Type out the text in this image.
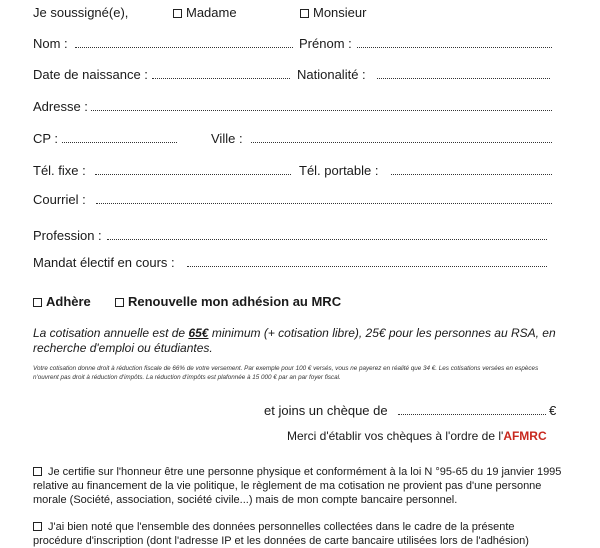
Je soussigné(e),	Madame	Monsieur
Nom :	Prénom :
Date de naissance :	Nationalité :
Adresse :
CP :	Ville :
Tél. fixe :	Tél. portable :
Courriel :
Profession :
Mandat électif en cours :
Adhère	Renouvelle mon adhésion au MRC
La cotisation annuelle est de 65€ minimum (+ cotisation libre), 25€ pour les personnes au RSA, en recherche d'emploi ou étudiantes.
Votre cotisation donne droit à réduction fiscale de 66% de votre versement. Par exemple pour 100 € versés, vous ne payerez en réalité que 34 €. Les cotisations versées en espèces n'ouvrent pas droit à réduction d'impôts. La réduction d'impôts est plafonnée à 15 000 € par an par foyer fiscal.
et joins un chèque de	€
Merci d'établir vos chèques à l'ordre de l'AFMRC
Je certifie sur l'honneur être une personne physique et conformément à la loi N °95-65 du 19 janvier 1995 relative au financement de la vie politique, le règlement de ma cotisation ne provient pas d'une personne morale (Société, association, société civile...) mais de mon compte bancaire personnel.
J'ai bien noté que l'ensemble des données personnelles collectées dans le cadre de la présente procédure d'inscription (dont l'adresse IP et les données de carte bancaire utilisées lors de l'adhésion)
